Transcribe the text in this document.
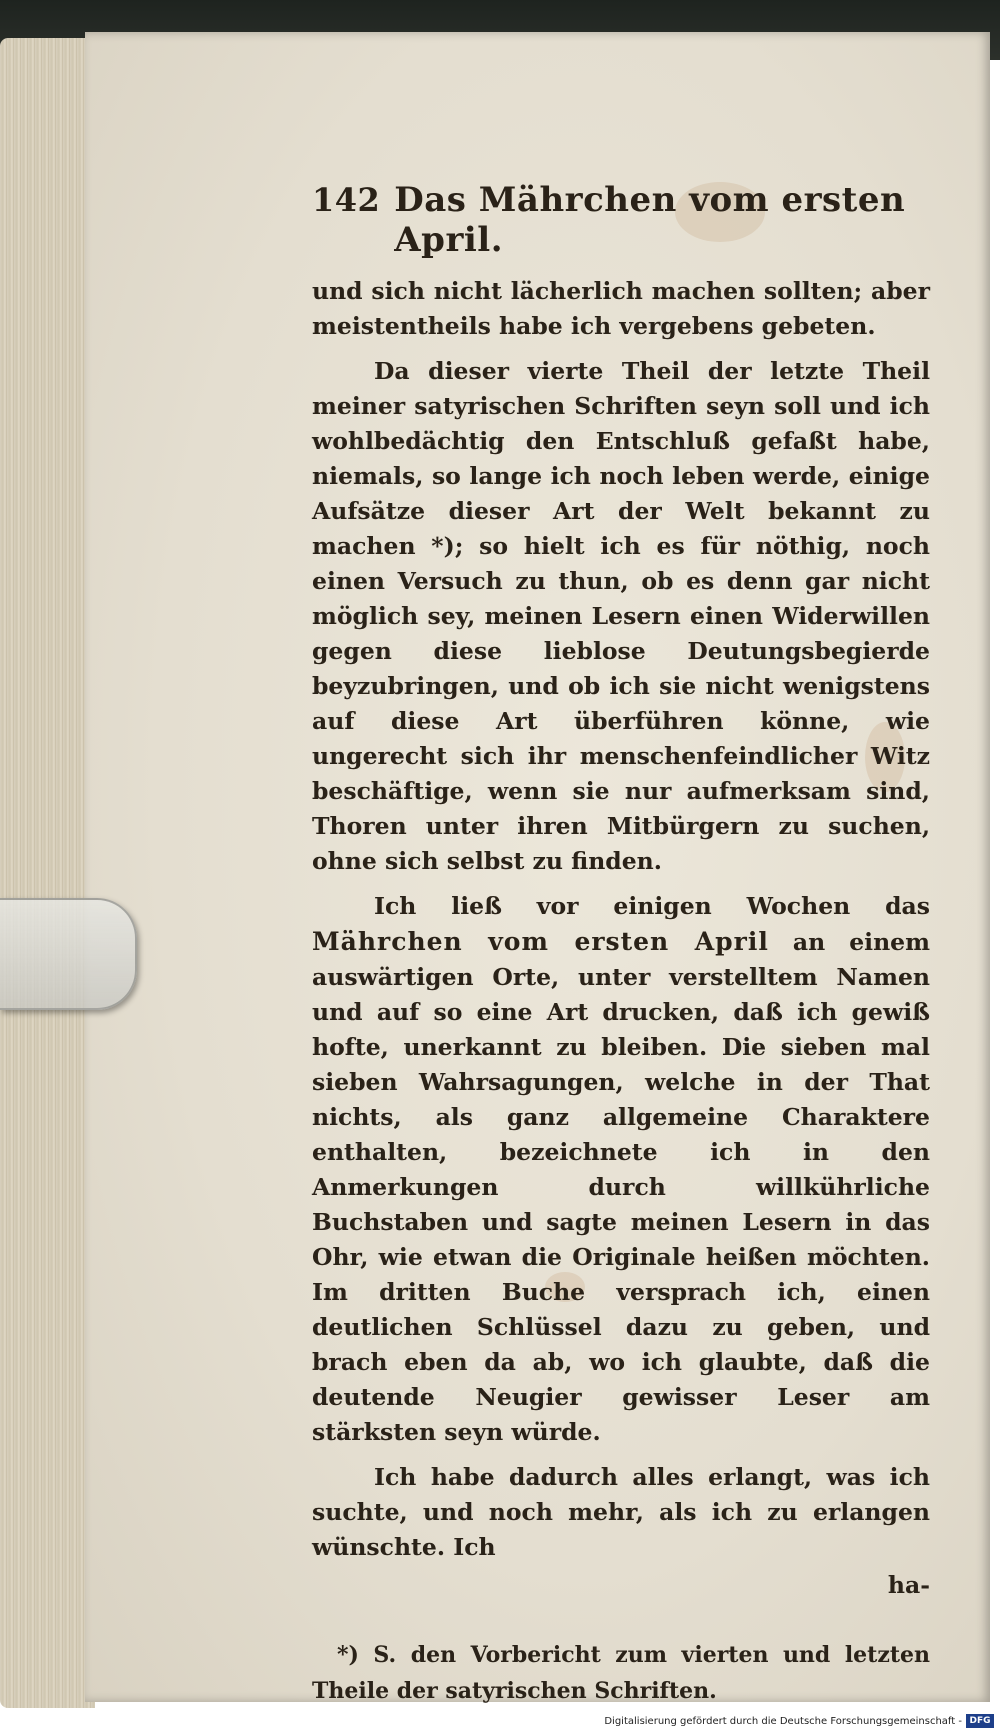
142 Das Mährchen vom ersten April.

und sich nicht lächerlich machen sollten; aber meistentheils habe ich vergebens gebeten.

Da dieser vierte Theil der letzte Theil meiner satyrischen Schriften seyn soll und ich wohlbedächtig den Entschluß gefaßt habe, niemals, so lange ich noch leben werde, einige Aufsätze dieser Art der Welt bekannt zu machen *); so hielt ich es für nöthig, noch einen Versuch zu thun, ob es denn gar nicht möglich sey, meinen Lesern einen Widerwillen gegen diese lieblose Deutungsbegierde beyzubringen, und ob ich sie nicht wenigstens auf diese Art überführen könne, wie ungerecht sich ihr menschenfeindlicher Witz beschäftige, wenn sie nur aufmerksam sind, Thoren unter ihren Mitbürgern zu suchen, ohne sich selbst zu finden.

Ich ließ vor einigen Wochen das Mährchen vom ersten April an einem auswärtigen Orte, unter verstelltem Namen und auf so eine Art drucken, daß ich gewiß hofte, unerkannt zu bleiben. Die sieben mal sieben Wahrsagungen, welche in der That nichts, als ganz allgemeine Charaktere enthalten, bezeichnete ich in den Anmerkungen durch willkührliche Buchstaben und sagte meinen Lesern in das Ohr, wie etwan die Originale heißen möchten. Im dritten Buche versprach ich, einen deutlichen Schlüssel dazu zu geben, und brach eben da ab, wo ich glaubte, daß die deutende Neugier gewisser Leser am stärksten seyn würde.

Ich habe dadurch alles erlangt, was ich suchte, und noch mehr, als ich zu erlangen wünschte. Ich

ha-
*) S. den Vorbericht zum vierten und letzten Theile der satyrischen Schriften.
Digitalisierung gefördert durch die Deutsche Forschungsgemeinschaft - DFG
